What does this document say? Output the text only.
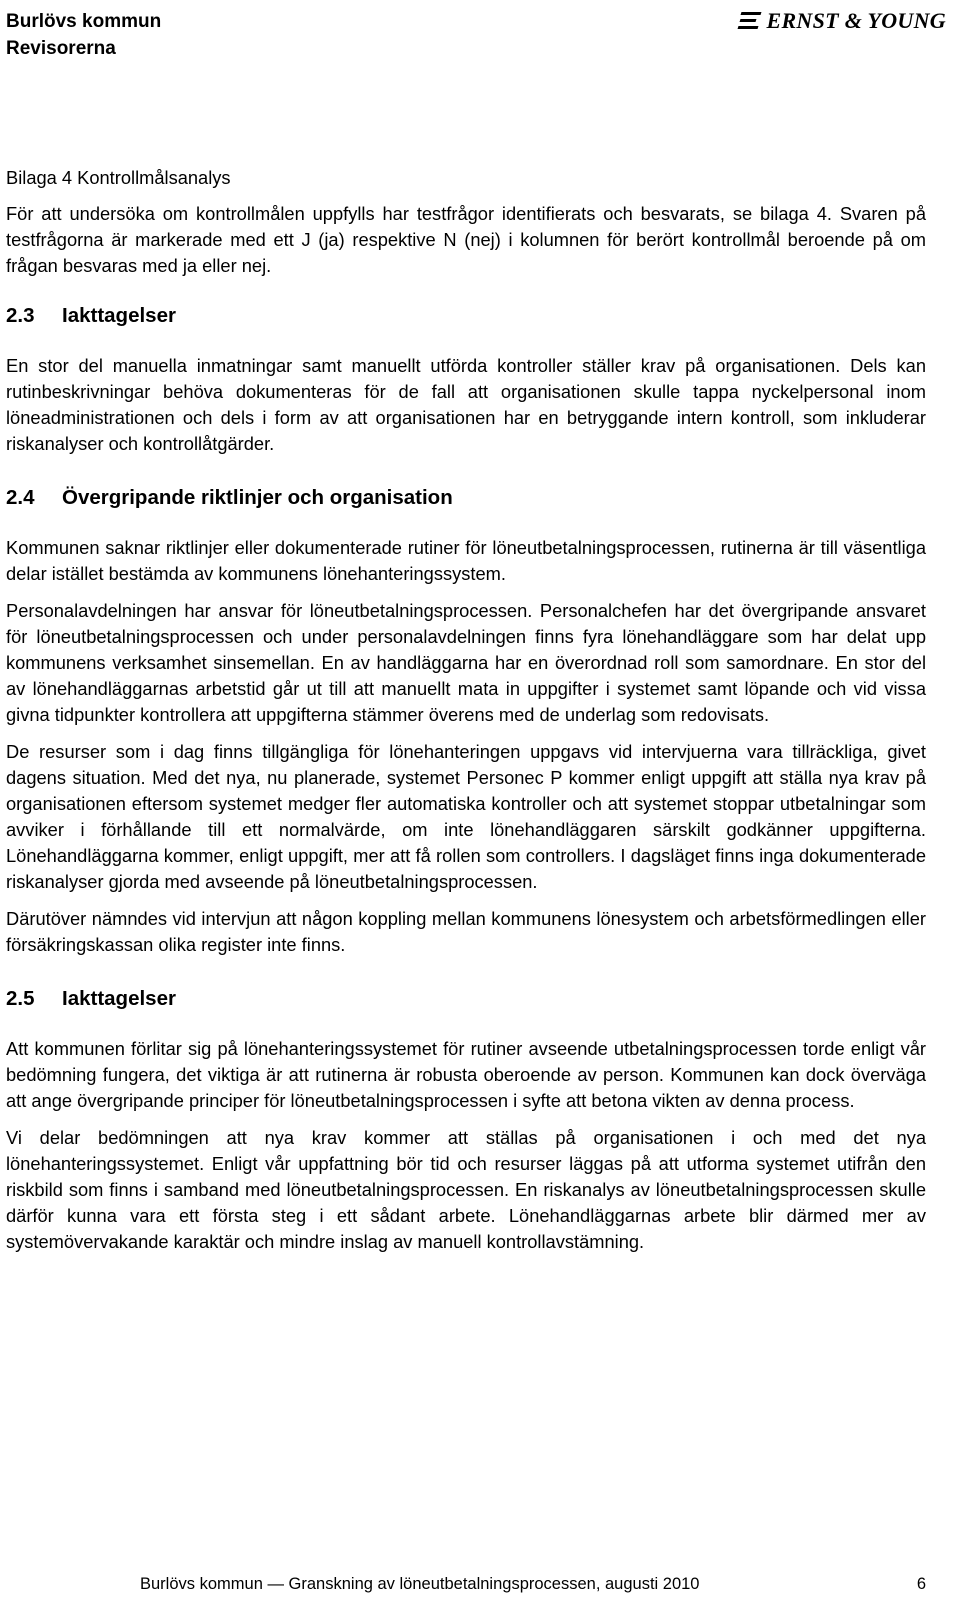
Burlövs kommun
Revisorerna
ERNST & YOUNG

Bilaga 4 Kontrollmålsanalys

För att undersöka om kontrollmålen uppfylls har testfrågor identifierats och besvarats, se bilaga 4. Svaren på testfrågorna är markerade med ett J (ja) respektive N (nej) i kolumnen för berört kontrollmål beroende på om frågan besvaras med ja eller nej.

2.3 Iakttagelser

En stor del manuella inmatningar samt manuellt utförda kontroller ställer krav på organisationen. Dels kan rutinbeskrivningar behöva dokumenteras för de fall att organisationen skulle tappa nyckelpersonal inom löneadministrationen och dels i form av att organisationen har en betryggande intern kontroll, som inkluderar riskanalyser och kontrollåtgärder.

2.4 Övergripande riktlinjer och organisation

Kommunen saknar riktlinjer eller dokumenterade rutiner för löneutbetalningsprocessen, rutinerna är till väsentliga delar istället bestämda av kommunens lönehanteringssystem.

Personalavdelningen har ansvar för löneutbetalningsprocessen. Personalchefen har det övergripande ansvaret för löneutbetalningsprocessen och under personalavdelningen finns fyra lönehandläggare som har delat upp kommunens verksamhet sinsemellan. En av handläggarna har en överordnad roll som samordnare. En stor del av lönehandläggarnas arbetstid går ut till att manuellt mata in uppgifter i systemet samt löpande och vid vissa givna tidpunkter kontrollera att uppgifterna stämmer överens med de underlag som redovisats.

De resurser som i dag finns tillgängliga för lönehanteringen uppgavs vid intervjuerna vara tillräckliga, givet dagens situation. Med det nya, nu planerade, systemet Personec P kommer enligt uppgift att ställa nya krav på organisationen eftersom systemet medger fler automatiska kontroller och att systemet stoppar utbetalningar som avviker i förhållande till ett normalvärde, om inte lönehandläggaren särskilt godkänner uppgifterna. Lönehandläggarna kommer, enligt uppgift, mer att få rollen som controllers. I dagsläget finns inga dokumenterade riskanalyser gjorda med avseende på löneutbetalningsprocessen.

Därutöver nämndes vid intervjun att någon koppling mellan kommunens lönesystem och arbetsförmedlingen eller försäkringskassan olika register inte finns.

2.5 Iakttagelser

Att kommunen förlitar sig på lönehanteringssystemet för rutiner avseende utbetalningsprocessen torde enligt vår bedömning fungera, det viktiga är att rutinerna är robusta oberoende av person. Kommunen kan dock överväga att ange övergripande principer för löneutbetalningsprocessen i syfte att betona vikten av denna process.

Vi delar bedömningen att nya krav kommer att ställas på organisationen i och med det nya lönehanteringssystemet. Enligt vår uppfattning bör tid och resurser läggas på att utforma systemet utifrån den riskbild som finns i samband med löneutbetalningsprocessen. En riskanalys av löneutbetalningsprocessen skulle därför kunna vara ett första steg i ett sådant arbete. Lönehandläggarnas arbete blir därmed mer av systemövervakande karaktär och mindre inslag av manuell kontrollavstämning.

Burlövs kommun — Granskning av löneutbetalningsprocessen, augusti 2010	6
